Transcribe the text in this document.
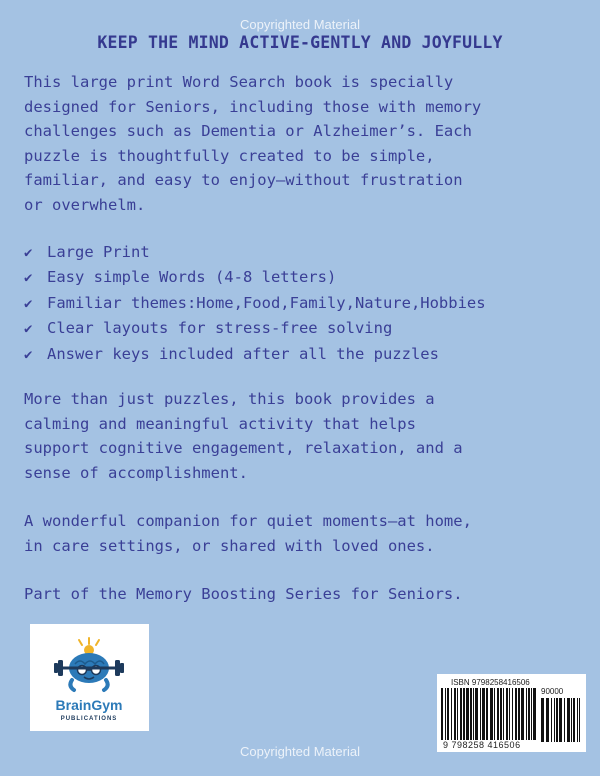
Copyrighted Material
KEEP THE MIND ACTIVE-GENTLY AND JOYFULLY

This large print Word Search book is specially
designed for Seniors, including those with memory
challenges such as Dementia or Alzheimer’s. Each
puzzle is thoughtfully created to be simple,
familiar, and easy to enjoy—without frustration
or overwhelm.

✔ Large Print
✔ Easy simple Words (4-8 letters)
✔ Familiar themes:Home,Food,Family,Nature,Hobbies
✔ Clear layouts for stress-free solving
✔ Answer keys included after all the puzzles

More than just puzzles, this book provides a
calming and meaningful activity that helps
support cognitive engagement, relaxation, and a
sense of accomplishment.

A wonderful companion for quiet moments—at home,
in care settings, or shared with loved ones.

Part of the Memory Boosting Series for Seniors.

BrainGym
PUBLICATIONS
ISBN 9798258416506
90000
9 798258 416506
Copyrighted Material
